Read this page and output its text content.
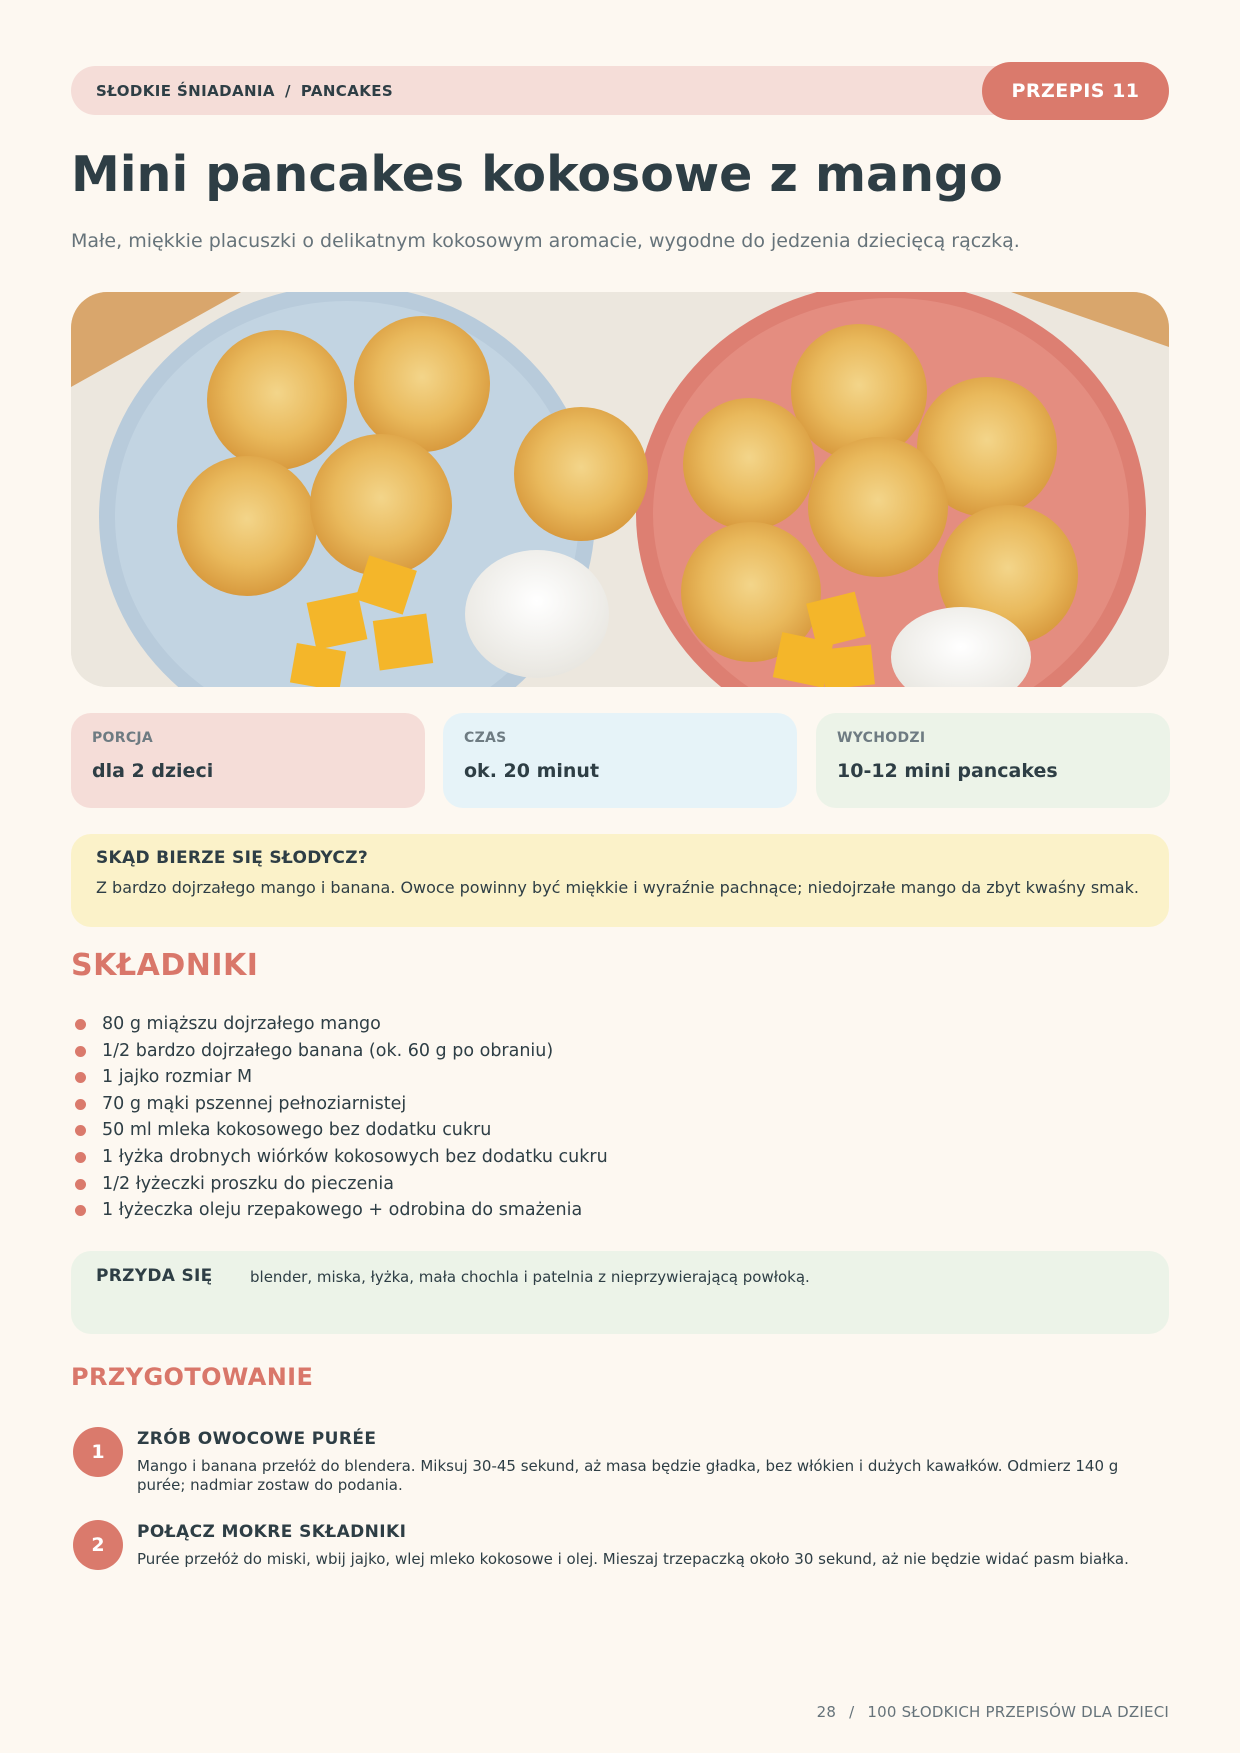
SŁODKIE ŚNIADANIA / PANCAKES	PRZEPIS 11
Mini pancakes kokosowe z mango

Małe, miękkie placuszki o delikatnym kokosowym aromacie, wygodne do jedzenia dziecięcą rączką.

PORCJA
dla 2 dzieci
CZAS
ok. 20 minut
WYCHODZI
10-12 mini pancakes
SKĄD BIERZE SIĘ SŁODYCZ?
Z bardzo dojrzałego mango i banana. Owoce powinny być miękkie i wyraźnie pachnące; niedojrzałe mango da zbyt kwaśny smak.
SKŁADNIKI
80 g miąższu dojrzałego mango
1/2 bardzo dojrzałego banana (ok. 60 g po obraniu)
1 jajko rozmiar M
70 g mąki pszennej pełnoziarnistej
50 ml mleka kokosowego bez dodatku cukru
1 łyżka drobnych wiórków kokosowych bez dodatku cukru
1/2 łyżeczki proszku do pieczenia
1 łyżeczka oleju rzepakowego + odrobina do smażenia
PRZYDA SIĘ	blender, miska, łyżka, mała chochla i patelnia z nieprzywierającą powłoką.
PRZYGOTOWANIE
1
ZRÓB OWOCOWE PURÉE
Mango i banana przełóż do blendera. Miksuj 30-45 sekund, aż masa będzie gładka, bez włókien i dużych kawałków. Odmierz 140 g purée; nadmiar zostaw do podania.
2
POŁĄCZ MOKRE SKŁADNIKI
Purée przełóż do miski, wbij jajko, wlej mleko kokosowe i olej. Mieszaj trzepaczką około 30 sekund, aż nie będzie widać pasm białka.
28 / 100 SŁODKICH PRZEPISÓW DLA DZIECI
